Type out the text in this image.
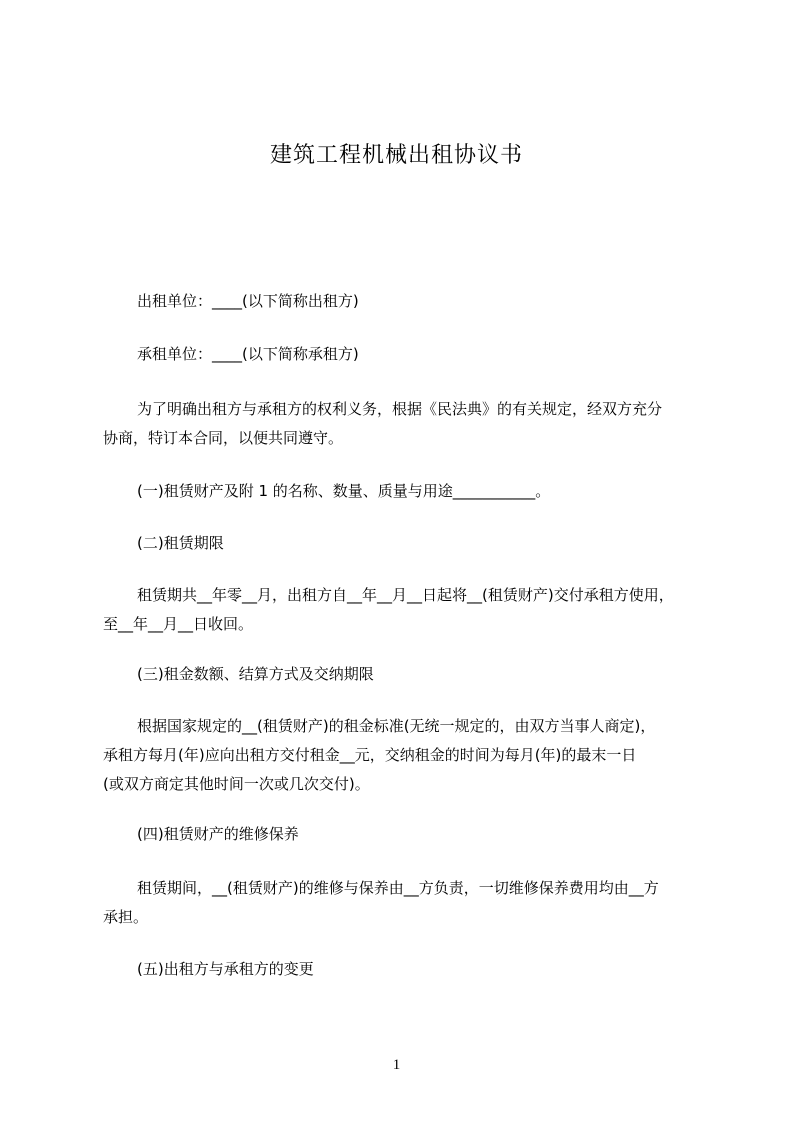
建筑工程机械出租协议书
出租单位：____(以下简称出租方)
承租单位：____(以下简称承租方)
为了明确出租方与承租方的权利义务，根据《民法典》的有关规定，经双方充分
协商，特订本合同，以便共同遵守。
(一)租赁财产及附 1 的名称、数量、质量与用途___________。
(二)租赁期限
租赁期共__年零__月，出租方自__年__月__日起将__(租赁财产)交付承租方使用，
至__年__月__日收回。
(三)租金数额、结算方式及交纳期限
根据国家规定的__(租赁财产)的租金标准(无统一规定的，由双方当事人商定)，
承租方每月(年)应向出租方交付租金__元，交纳租金的时间为每月(年)的最末一日
(或双方商定其他时间一次或几次交付)。
(四)租赁财产的维修保养
租赁期间，__(租赁财产)的维修与保养由__方负责，一切维修保养费用均由__方
承担。
(五)出租方与承租方的变更
1
